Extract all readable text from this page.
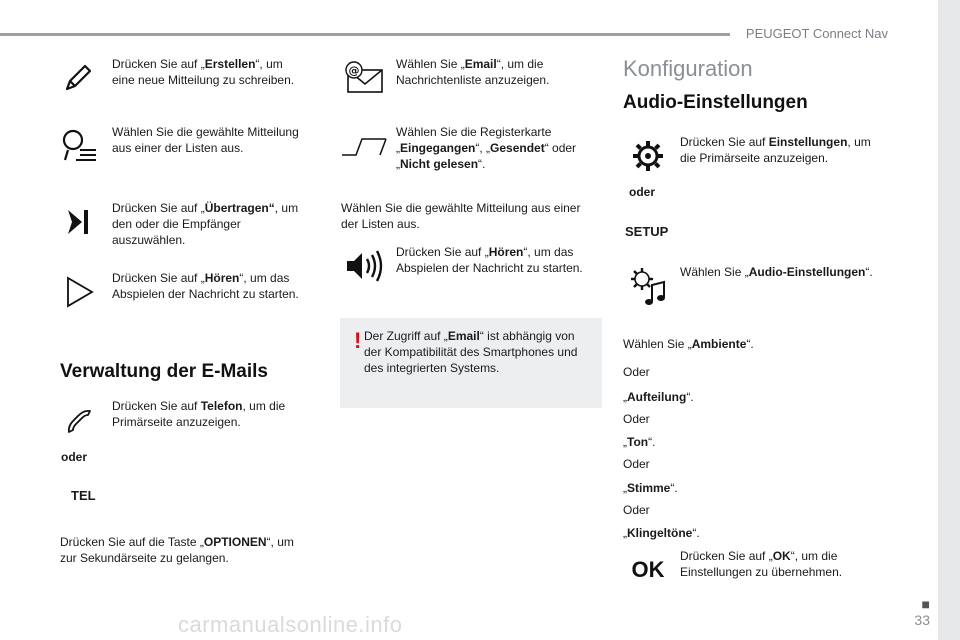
PEUGEOT Connect Nav
■
33
carmanualsonline.info
Drücken Sie auf „Erstellen“, um eine neue Mitteilung zu schreiben.
Wählen Sie die gewählte Mitteilung aus einer der Listen aus.
Drücken Sie auf „Übertragen“, um den oder die Empfänger auszuwählen.
Drücken Sie auf „Hören“, um das Abspielen der Nachricht zu starten.
Verwaltung der E-Mails
Drücken Sie auf Telefon, um die Primärseite anzuzeigen.
oder
TEL
Drücken Sie auf die Taste „OPTIONEN“, um zur Sekundärseite zu gelangen.
@	Wählen Sie „Email“, um die Nachrichtenliste anzuzeigen.
Wählen Sie die Registerkarte „Eingegangen“, „Gesendet“ oder „Nicht gelesen“.
Wählen Sie die gewählte Mitteilung aus einer der Listen aus.
Drücken Sie auf „Hören“, um das Abspielen der Nachricht zu starten.
! Der Zugriff auf „Email“ ist abhängig von der Kompatibilität des Smartphones und des integrierten Systems.
Konfiguration
Audio-Einstellungen
Drücken Sie auf Einstellungen, um die Primärseite anzuzeigen.
oder
SETUP
Wählen Sie „Audio-Einstellungen“.
Wählen Sie „Ambiente“.
Oder
„Aufteilung“.
Oder
„Ton“.
Oder
„Stimme“.
Oder
„Klingeltöne“.
OK
Drücken Sie auf „OK“, um die Einstellungen zu übernehmen.
